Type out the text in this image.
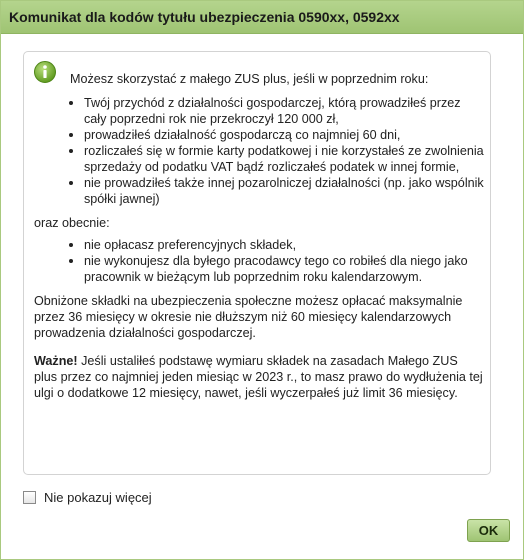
Komunikat dla kodów tytułu ubezpieczenia 0590xx, 0592xx
Możesz skorzystać z małego ZUS plus, jeśli w poprzednim roku:
Twój przychód z działalności gospodarczej, którą prowadziłeś przez cały poprzedni rok nie przekroczył 120 000 zł,
prowadziłeś działalność gospodarczą co najmniej 60 dni,
rozliczałeś się w formie karty podatkowej i nie korzystałeś ze zwolnienia sprzedaży od podatku VAT bądź rozliczałeś podatek w innej formie,
nie prowadziłeś także innej pozarolniczej działalności (np. jako wspólnik spółki jawnej)

oraz obecnie:

nie opłacasz preferencyjnych składek,
nie wykonujesz dla byłego pracodawcy tego co robiłeś dla niego jako pracownik w bieżącym lub poprzednim roku kalendarzowym.

Obniżone składki na ubezpieczenia społeczne możesz opłacać maksymalnie przez 36 miesięcy w okresie nie dłuższym niż 60 miesięcy kalendarzowych prowadzenia działalności gospodarczej.

Ważne! Jeśli ustaliłeś podstawę wymiaru składek na zasadach Małego ZUS plus przez co najmniej jeden miesiąc w 2023 r., to masz prawo do wydłużenia tej ulgi o dodatkowe 12 miesięcy, nawet, jeśli wyczerpałeś już limit 36 miesięcy.

Nie pokazuj więcej
OK
